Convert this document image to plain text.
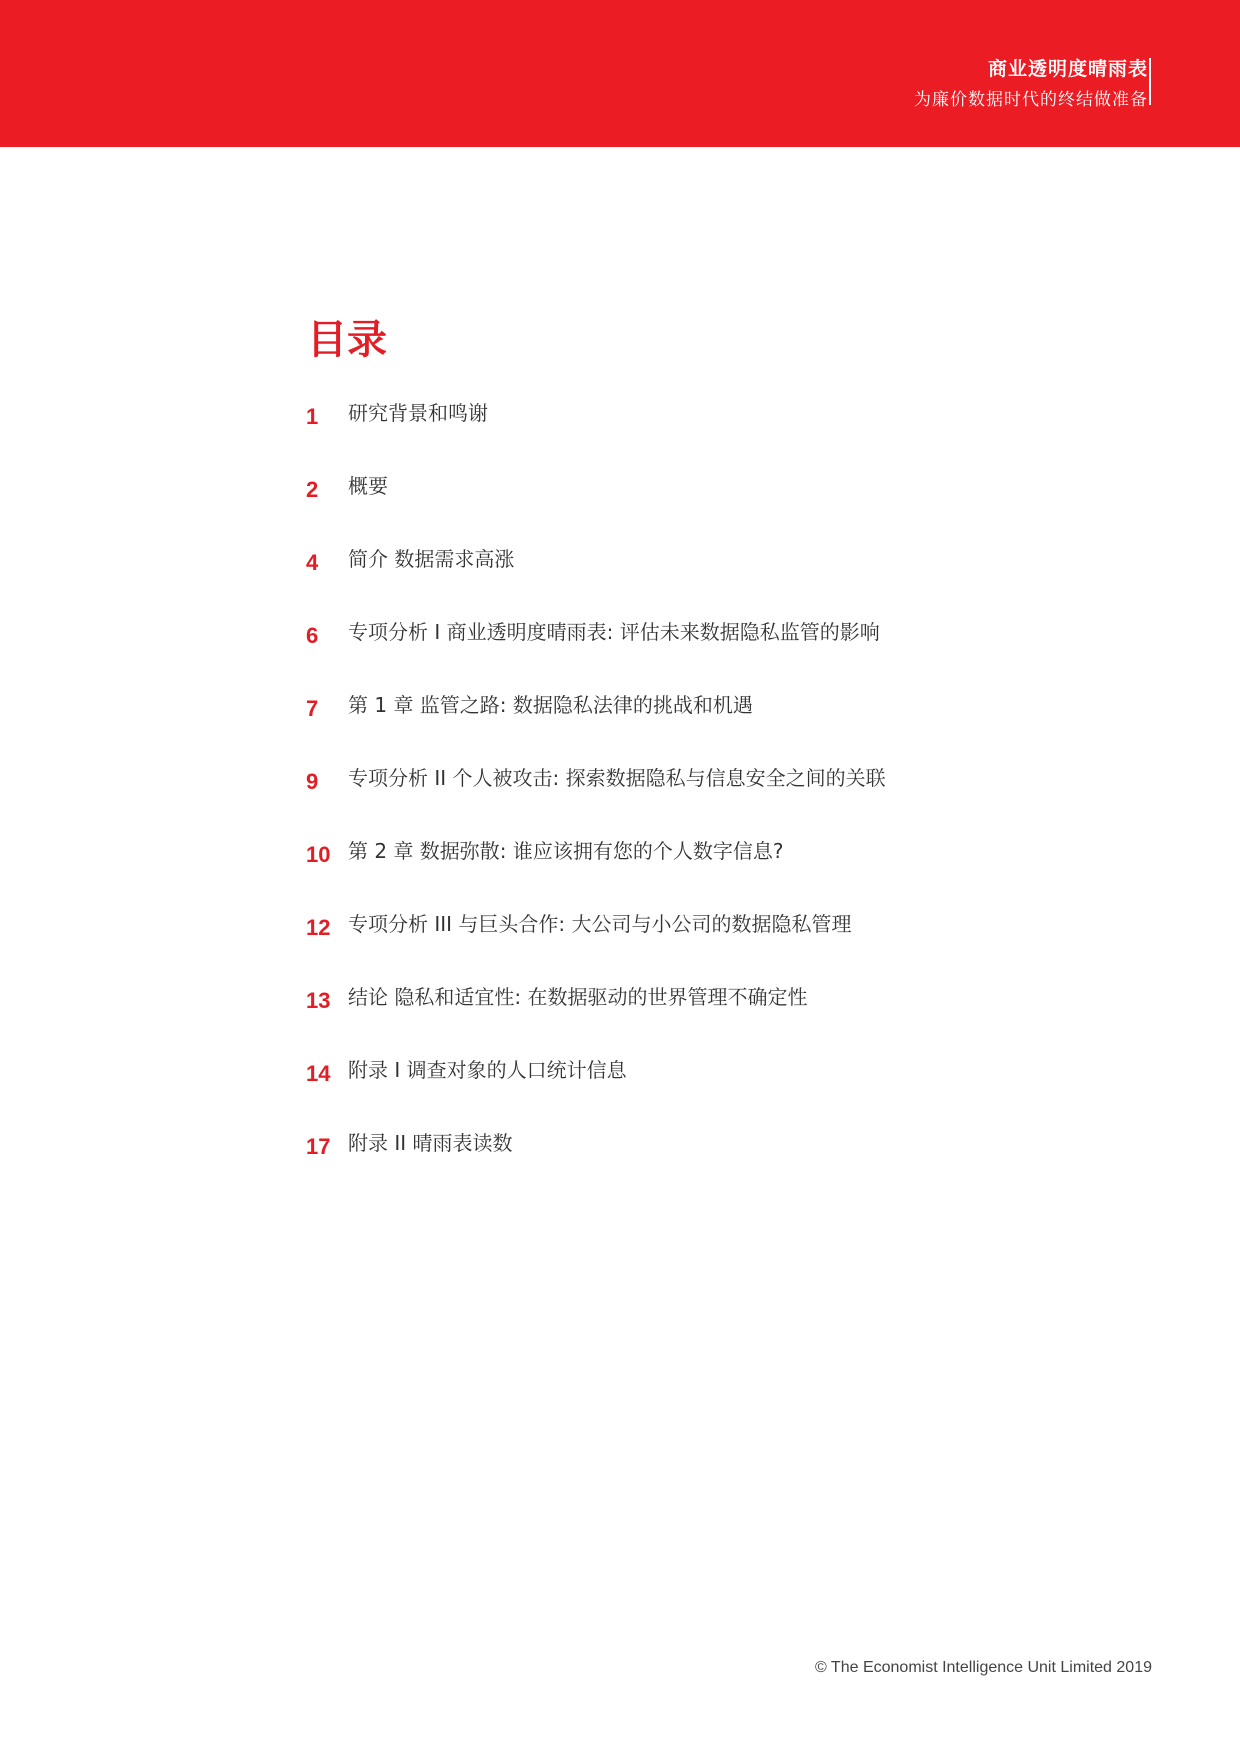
商业透明度晴雨表
为廉价数据时代的终结做准备
目录
1	研究背景和鸣谢
2	概要
4	简介 数据需求高涨
6	专项分析 I 商业透明度晴雨表: 评估未来数据隐私监管的影响
7	第 1 章 监管之路: 数据隐私法律的挑战和机遇
9	专项分析 II 个人被攻击: 探索数据隐私与信息安全之间的关联
10 第 2 章 数据弥散: 谁应该拥有您的个人数字信息?
12 专项分析 III 与巨头合作: 大公司与小公司的数据隐私管理
13 结论 隐私和适宜性: 在数据驱动的世界管理不确定性
14 附录 I 调查对象的人口统计信息
17 附录 II 晴雨表读数
© The Economist Intelligence Unit Limited 2019
